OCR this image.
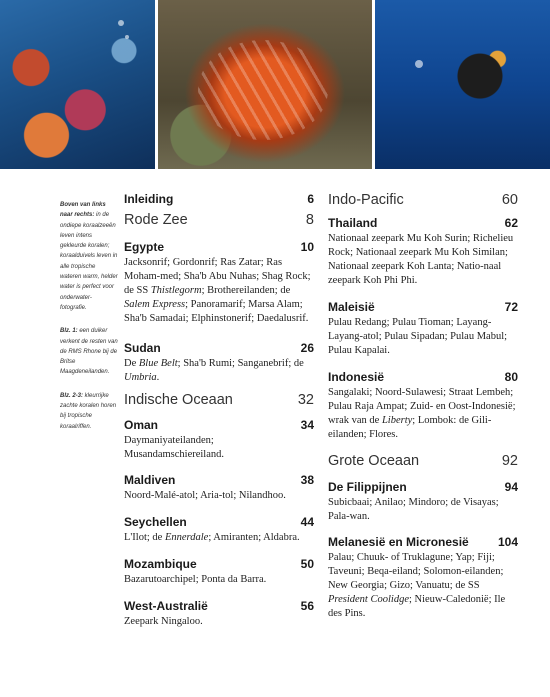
Boven van links naar rechts: in de ondiepe koraalzeeën leven intens gekleurde koralen; koraalduivels leven in alle tropische wateren warm, helder water is perfect voor onderwater-fotografie.

Blz. 1: een duiker verkent de resten van de RMS Rhone bij de Britse Maagdeneilanden.

Blz. 2-3: kleurrijke zachte koralen horen bij tropische koraalriffen.

Inleiding	6
Rode Zee	8
Egypte	10
Jacksonrif; Gordonrif; Ras Zatar; Ras Moham-med; Sha'b Abu Nuhas; Shag Rock; de SS Thistlegorm; Brothereilanden; de Salem Express; Panoramarif; Marsa Alam; Sha'b Samadai; Elphinstonerif; Daedalusrif.
Sudan	26
De Blue Belt; Sha'b Rumi; Sanganebrif; de Umbria.
Indische Oceaan	32
Oman	34
Daymaniyateilanden; Musandamschiereiland.
Maldiven	38
Noord-Malé-atol; Aria-tol; Nilandhoo.
Seychellen	44
L'Ilot; de Ennerdale; Amiranten; Aldabra.
Mozambique	50
Bazarutoarchipel; Ponta da Barra.
West-Australië	56
Zeepark Ningaloo.
Indo-Pacific	60
Thailand	62
Nationaal zeepark Mu Koh Surin; Richelieu Rock; Nationaal zeepark Mu Koh Similan; Nationaal zeepark Koh Lanta; Natio-naal zeepark Koh Phi Phi.
Maleisië	72
Pulau Redang; Pulau Tioman; Layang-Layang-atol; Pulau Sipadan; Pulau Mabul; Pulau Kapalai.
Indonesië	80
Sangalaki; Noord-Sulawesi; Straat Lembeh; Pulau Raja Ampat; Zuid- en Oost-Indonesië; wrak van de Liberty; Lombok: de Gili-eilanden; Flores.
Grote Oceaan	92
De Filippijnen	94
Subicbaai; Anilao; Mindoro; de Visayas; Pala-wan.
Melanesië en Micronesië 104
Palau; Chuuk- of Truklagune; Yap; Fiji; Taveuni; Beqa-eiland; Solomon-eilanden; New Georgia; Gizo; Vanuatu; de SS President Coolidge; Nieuw-Caledonië; Ile des Pins.
